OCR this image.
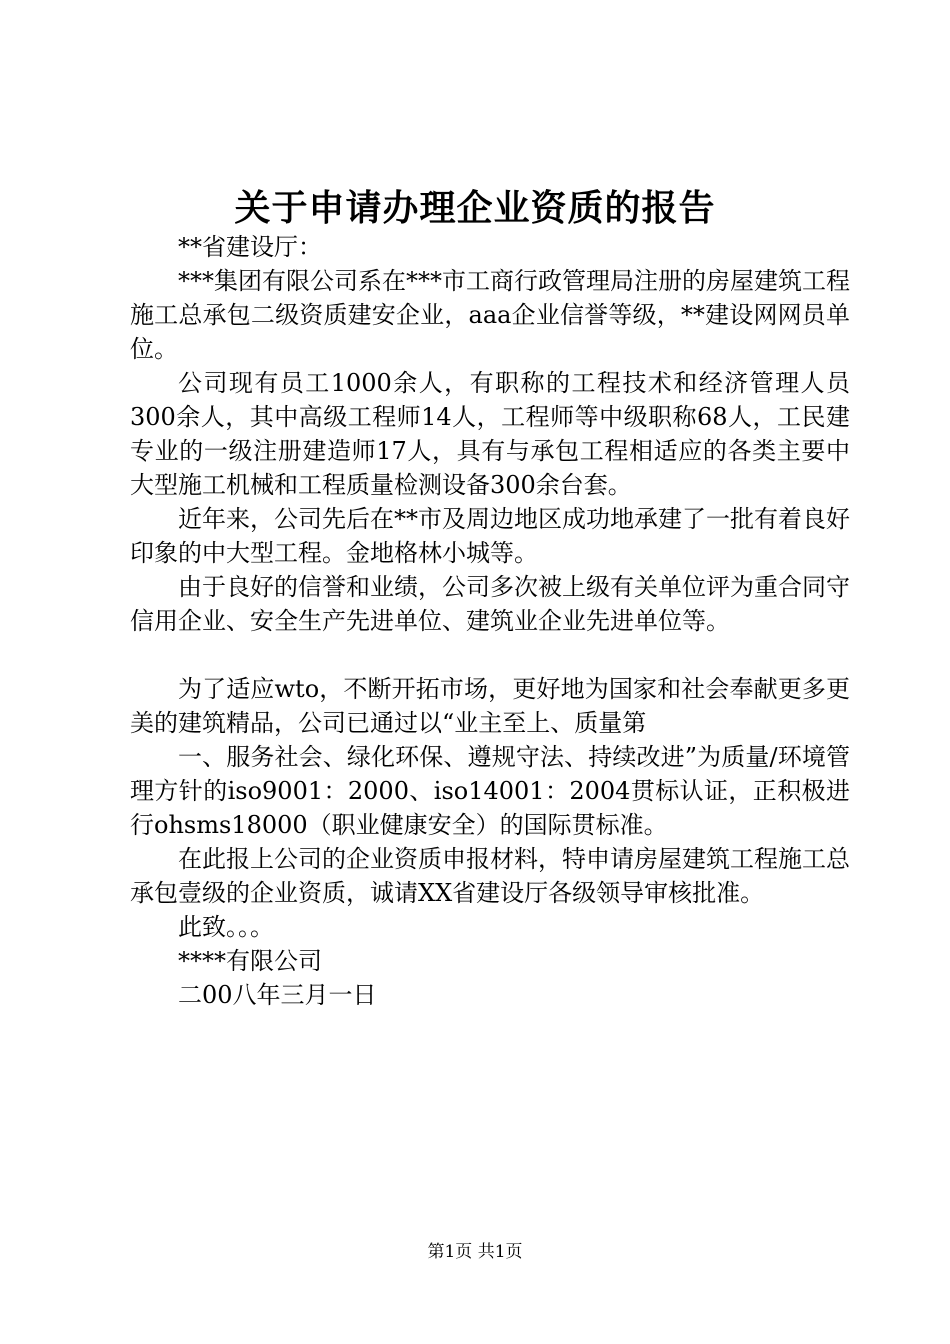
关于申请办理企业资质的报告

**省建设厅：

***集团有限公司系在***市工商行政管理局注册的房屋建筑工程施工总承包二级资质建安企业，aaa企业信誉等级，**建设网网员单位。

公司现有员工1000余人，有职称的工程技术和经济管理人员300余人，其中高级工程师14人，工程师等中级职称68人，工民建专业的一级注册建造师17人，具有与承包工程相适应的各类主要中大型施工机械和工程质量检测设备300余台套。

近年来，公司先后在**市及周边地区成功地承建了一批有着良好印象的中大型工程。金地格林小城等。

由于良好的信誉和业绩，公司多次被上级有关单位评为重合同守信用企业、安全生产先进单位、建筑业企业先进单位等。

为了适应wto，不断开拓市场，更好地为国家和社会奉献更多更美的建筑精品，公司已通过以“业主至上、质量第

一、服务社会、绿化环保、遵规守法、持续改进”为质量/环境管理方针的iso9001：2000、iso14001：2004贯标认证，正积极进行ohsms18000（职业健康安全）的国际贯标准。

在此报上公司的企业资质申报材料，特申请房屋建筑工程施工总承包壹级的企业资质，诚请XX省建设厅各级领导审核批准。

此致。。。

****有限公司

二00八年三月一日

第1页 共1页
